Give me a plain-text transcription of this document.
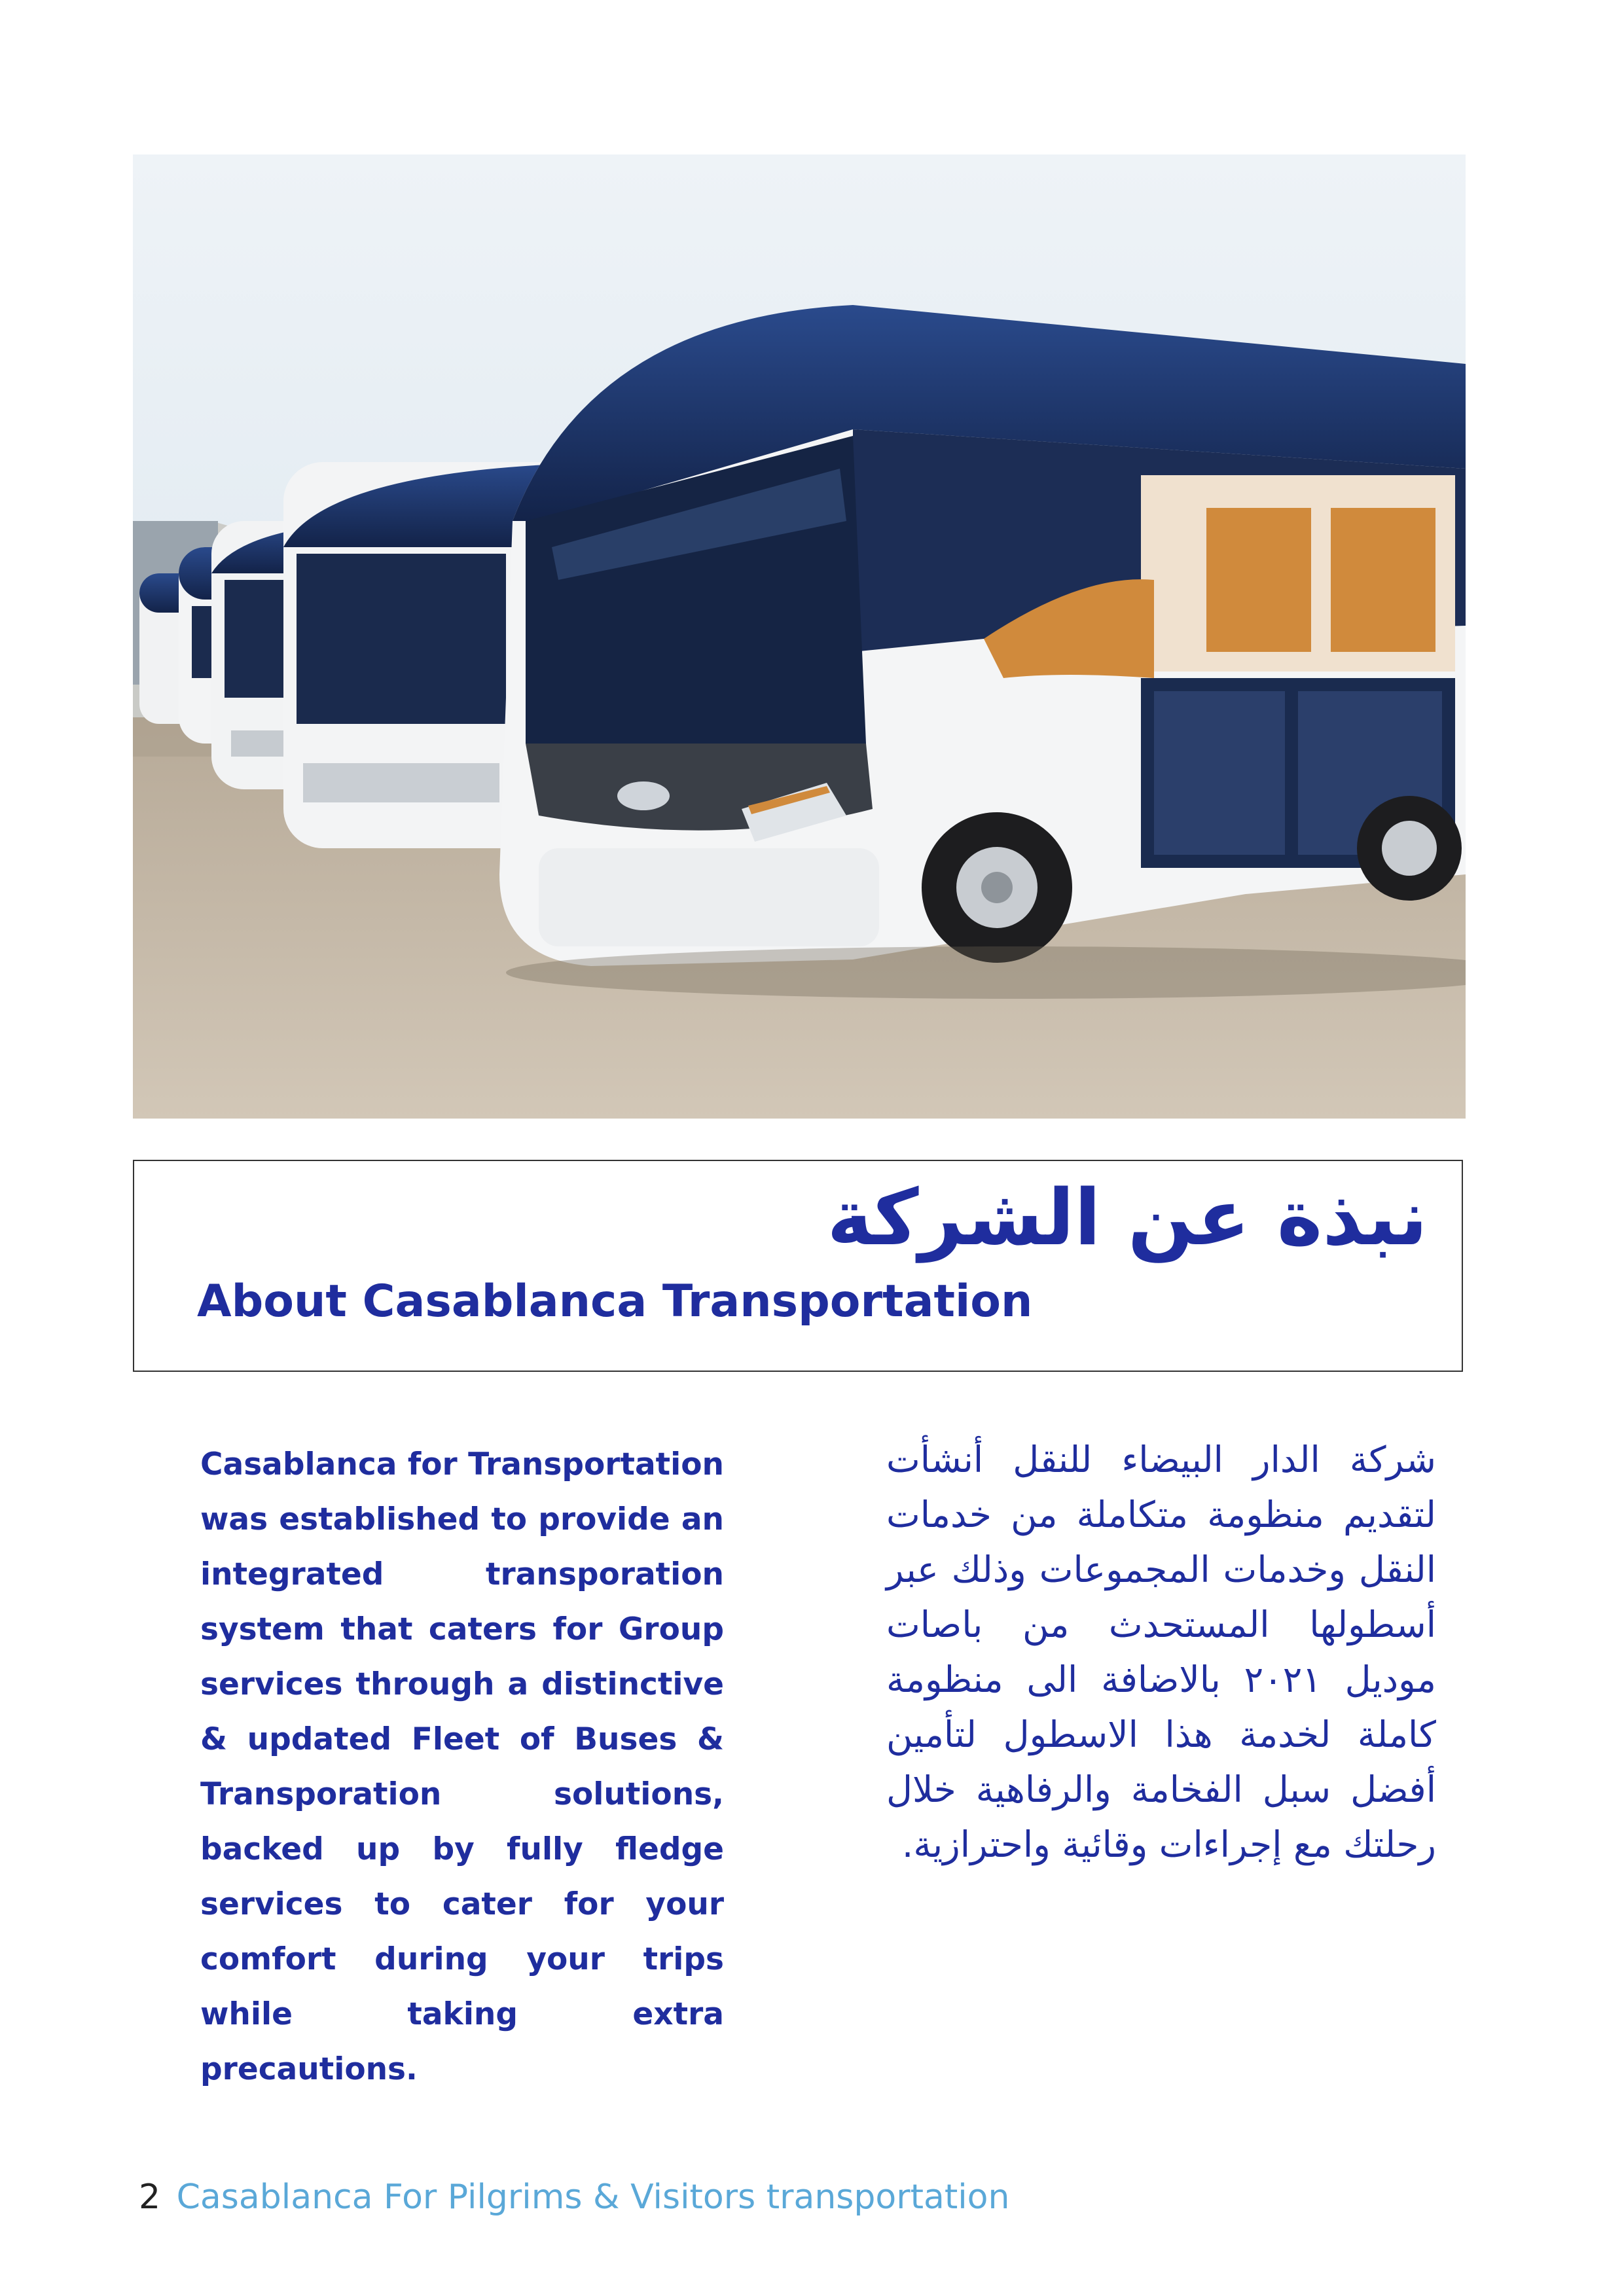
نبذة عن الشركة
About Casablanca Transportation

Casablanca for Transportation was established to provide an integrated transporation system that caters for Group services through a distinctive & updated Fleet of Buses & Transporation solutions, backed up by fully fledge services to cater for your comfort during your trips while taking extra precautions.

شركة الدار البيضاء للنقل أنشأت لتقديم منظومة متكاملة من خدمات النقل وخدمات المجموعات وذلك عبر أسطولها المستحدث من باصات موديل ٢٠٢١ بالاضافة الى منظومة كاملة لخدمة هذا الاسطول لتأمين أفضل سبل الفخامة والرفاهية خلال رحلتك مع إجراءات وقائية واحترازية.

2 Casablanca For Pilgrims & Visitors transportation
